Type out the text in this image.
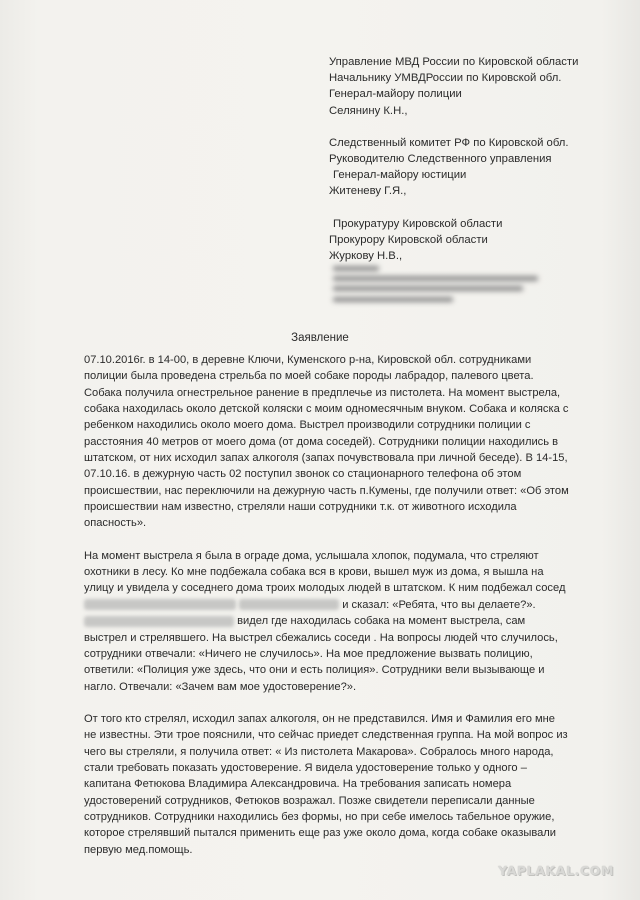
Управление МВД России по Кировской области
Начальнику УМВДРоссии по Кировской обл.
Генерал-майору полиции
Селянину К.Н.,
Следственный комитет РФ по Кировской обл.
Руководителю Следственного управления
Генерал-майору юстиции
Житеневу Г.Я.,
Прокуратуру Кировской области
Прокурору Кировской области
Журкову Н.В.,
Заявление

07.10.2016г. в 14-00, в деревне Ключи, Куменского р-на, Кировской обл. сотрудниками полиции была проведена стрельба по моей собаке породы лабрадор, палевого цвета. Собака получила огнестрельное ранение в предплечье из пистолета. На момент выстрела, собака находилась около детской коляски с моим одномесячным внуком. Собака и коляска с ребенком находились около моего дома. Выстрел производили сотрудники полиции с расстояния 40 метров от моего дома (от дома соседей). Сотрудники полиции находились в штатском, от них исходил запах алкоголя (запах почувствовала при личной беседе). В 14-15, 07.10.16. в дежурную часть 02 поступил звонок со стационарного телефона об этом происшествии, нас переключили на дежурную часть п.Кумены, где получили ответ: «Об этом происшествии нам известно, стреляли наши сотрудники т.к. от животного исходила опасность».

На момент выстрела я была в ограде дома, услышала хлопок, подумала, что стреляют охотники в лесу. Ко мне подбежала собака вся в крови, вышел муж из дома, я вышла на улицу и увидела у соседнего дома троих молодых людей в штатском. К ним подбежал сосед   и сказал: «Ребята, что вы делаете?».  видел где находилась собака на момент выстрела, сам выстрел и стрелявшего. На выстрел сбежались соседи . На вопросы людей что случилось, сотрудники отвечали: «Ничего не случилось». На мое предложение вызвать полицию, ответили: «Полиция уже здесь, что они и есть полиция». Сотрудники вели вызывающе и нагло. Отвечали: «Зачем вам мое удостоверение?».

От того кто стрелял, исходил запах алкоголя, он не представился. Имя и Фамилия его мне не известны. Эти трое пояснили, что сейчас приедет следственная группа. На мой вопрос из чего вы стреляли, я получила ответ: « Из пистолета Макарова». Собралось много народа, стали требовать показать удостоверение. Я видела удостоверение только у одного –капитана Фетюкова Владимира Александровича. На требования записать номера удостоверений сотрудников, Фетюков возражал. Позже свидетели переписали данные сотрудников. Сотрудники находились без формы, но при себе имелось табельное оружие, которое стрелявший пытался применить еще раз уже около дома, когда собаке оказывали первую мед.помощь.

YAPLAKAL.COM
